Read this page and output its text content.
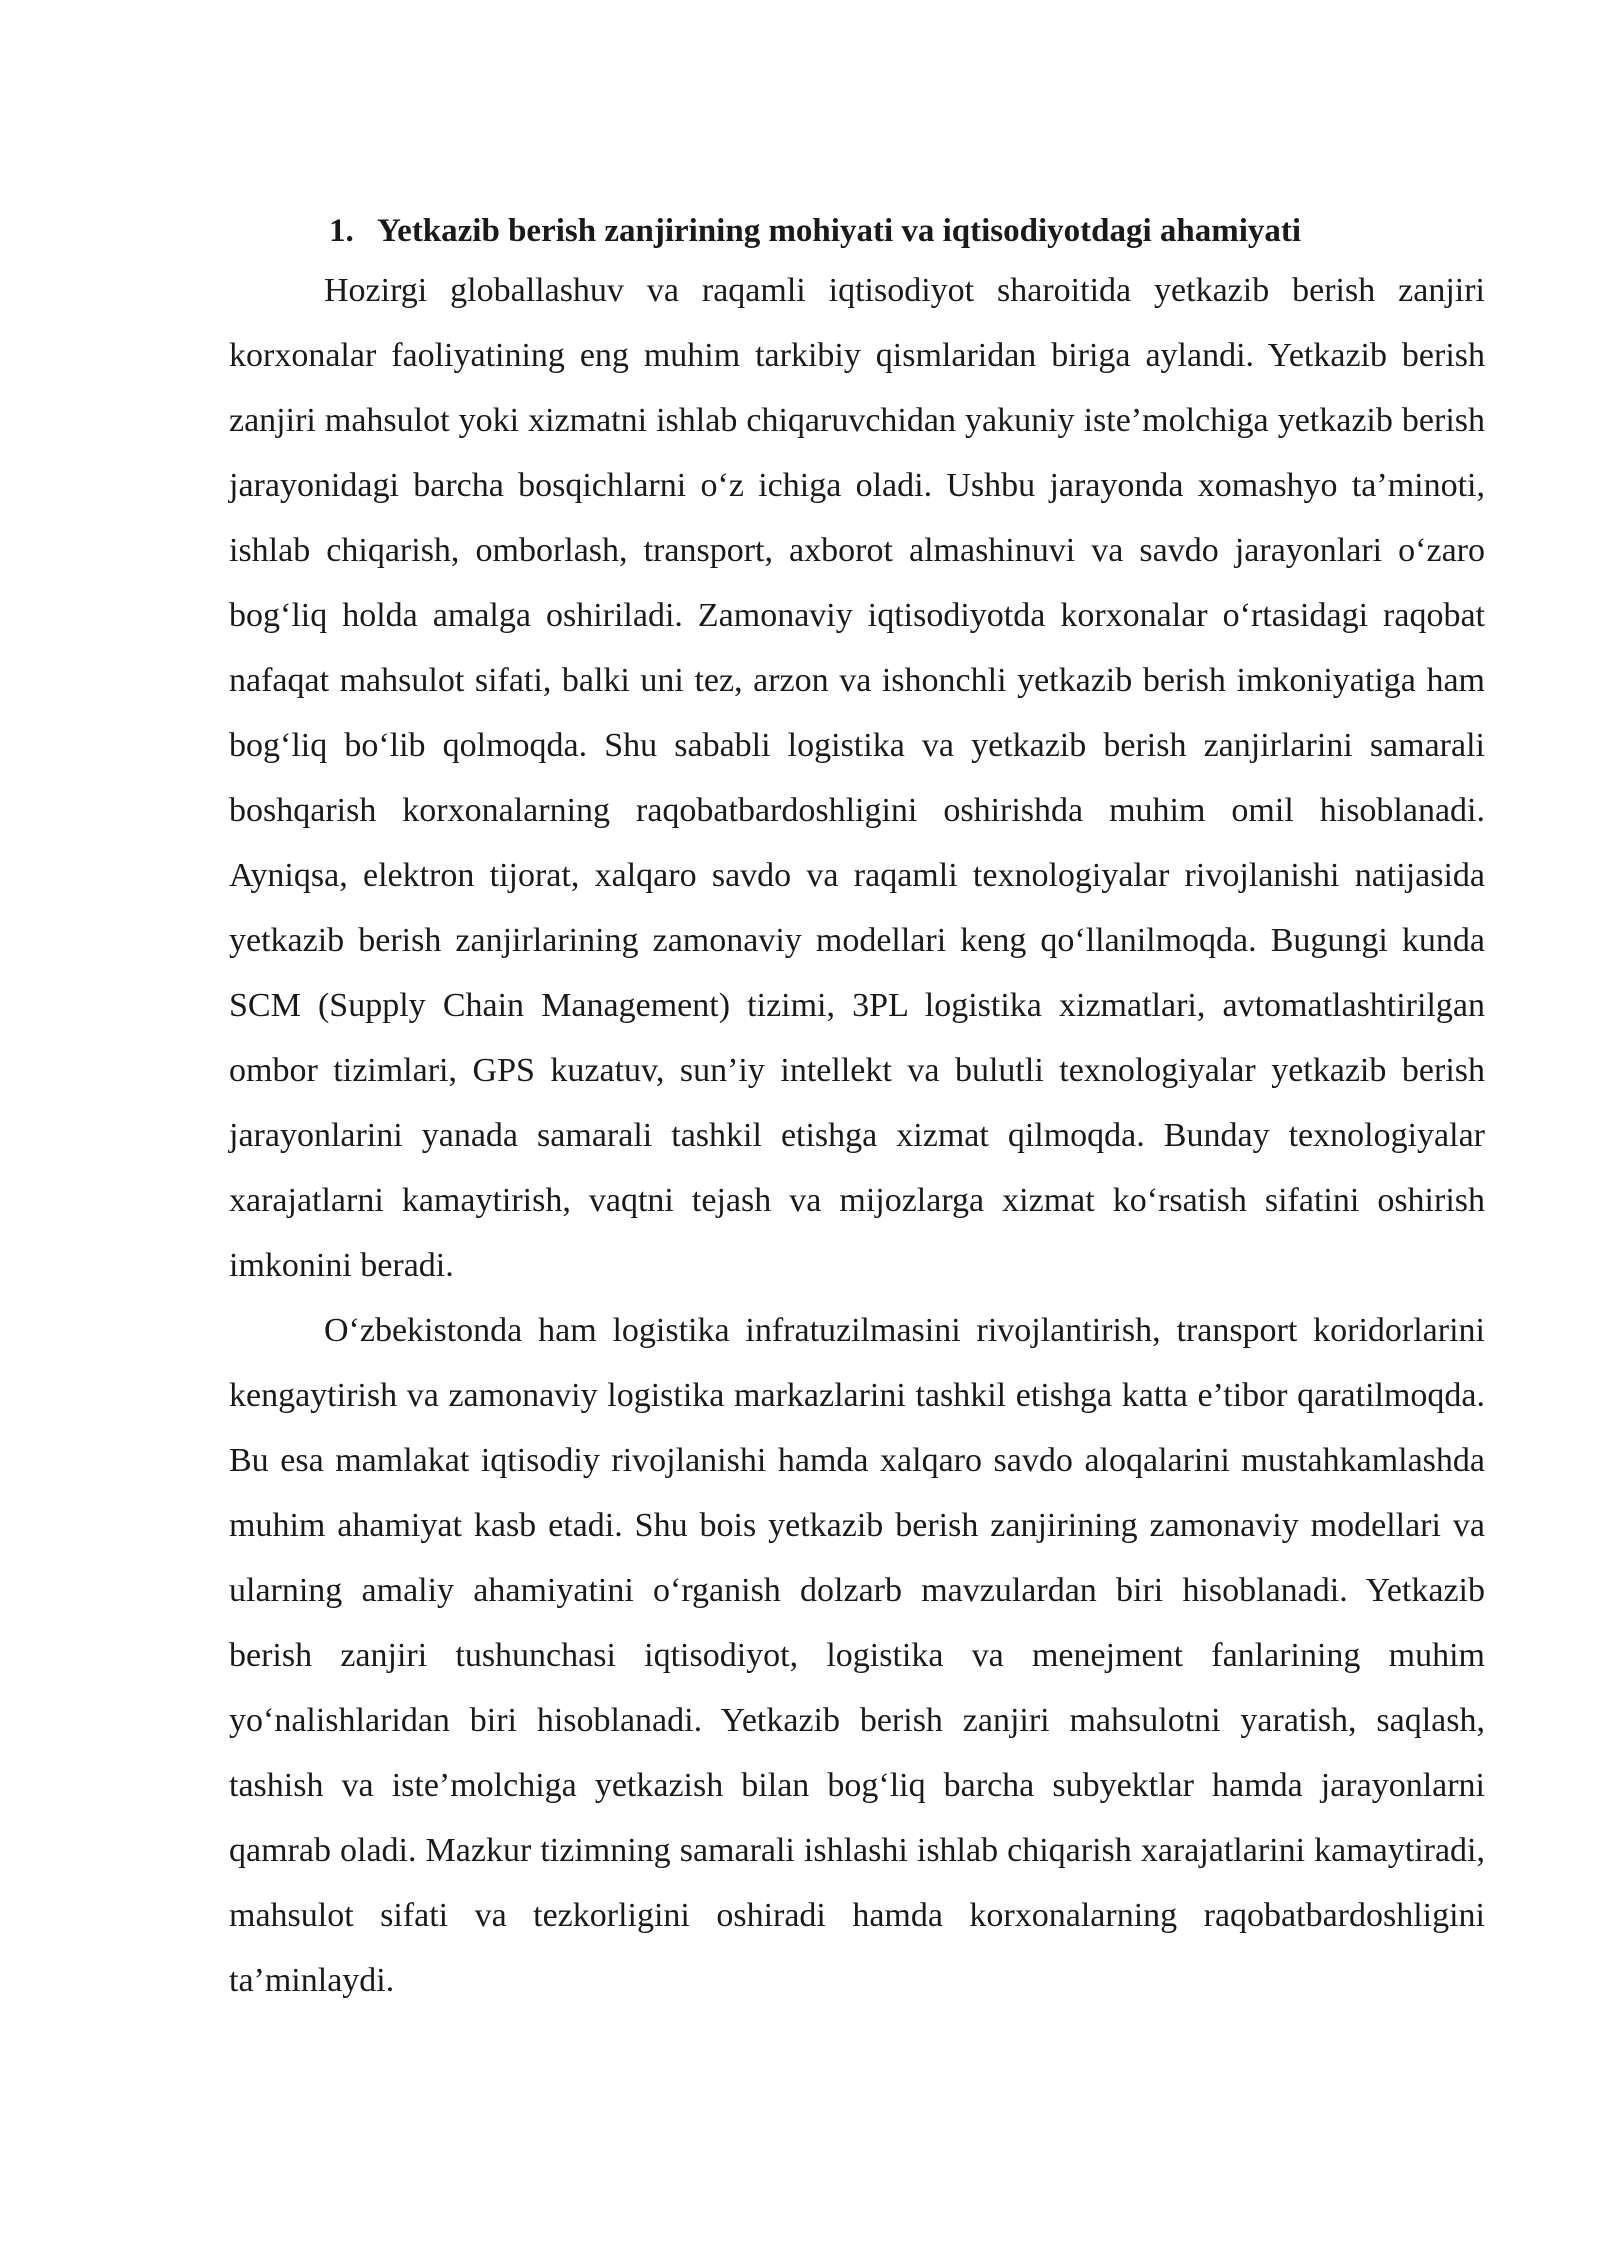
1. Yetkazib berish zanjirining mohiyati va iqtisodiyotdagi ahamiyati

Hozirgi globallashuv va raqamli iqtisodiyot sharoitida yetkazib berish zanjiri korxonalar faoliyatining eng muhim tarkibiy qismlaridan biriga aylandi. Yetkazib berish zanjiri mahsulot yoki xizmatni ishlab chiqaruvchidan yakuniy iste’molchiga yetkazib berish jarayonidagi barcha bosqichlarni o‘z ichiga oladi. Ushbu jarayonda xomashyo ta’minoti, ishlab chiqarish, omborlash, transport, axborot almashinuvi va savdo jarayonlari o‘zaro bog‘liq holda amalga oshiriladi. Zamonaviy iqtisodiyotda korxonalar o‘rtasidagi raqobat nafaqat mahsulot sifati, balki uni tez, arzon va ishonchli yetkazib berish imkoniyatiga ham bog‘liq bo‘lib qolmoqda. Shu sababli logistika va yetkazib berish zanjirlarini samarali boshqarish korxonalarning raqobatbardoshligini oshirishda muhim omil hisoblanadi. Ayniqsa, elektron tijorat, xalqaro savdo va raqamli texnologiyalar rivojlanishi natijasida yetkazib berish zanjirlarining zamonaviy modellari keng qo‘llanilmoqda. Bugungi kunda SCM (Supply Chain Management) tizimi, 3PL logistika xizmatlari, avtomatlashtirilgan ombor tizimlari, GPS kuzatuv, sun’iy intellekt va bulutli texnologiyalar yetkazib berish jarayonlarini yanada samarali tashkil etishga xizmat qilmoqda. Bunday texnologiyalar xarajatlarni kamaytirish, vaqtni tejash va mijozlarga xizmat ko‘rsatish sifatini oshirish imkonini beradi.

O‘zbekistonda ham logistika infratuzilmasini rivojlantirish, transport koridorlarini kengaytirish va zamonaviy logistika markazlarini tashkil etishga katta e’tibor qaratilmoqda. Bu esa mamlakat iqtisodiy rivojlanishi hamda xalqaro savdo aloqalarini mustahkamlashda muhim ahamiyat kasb etadi. Shu bois yetkazib berish zanjirining zamonaviy modellari va ularning amaliy ahamiyatini o‘rganish dolzarb mavzulardan biri hisoblanadi. Yetkazib berish zanjiri tushunchasi iqtisodiyot, logistika va menejment fanlarining muhim yo‘nalishlaridan biri hisoblanadi. Yetkazib berish zanjiri mahsulotni yaratish, saqlash, tashish va iste’molchiga yetkazish bilan bog‘liq barcha subyektlar hamda jarayonlarni qamrab oladi. Mazkur tizimning samarali ishlashi ishlab chiqarish xarajatlarini kamaytiradi, mahsulot sifati va tezkorligini oshiradi hamda korxonalarning raqobatbardoshligini ta’minlaydi.
